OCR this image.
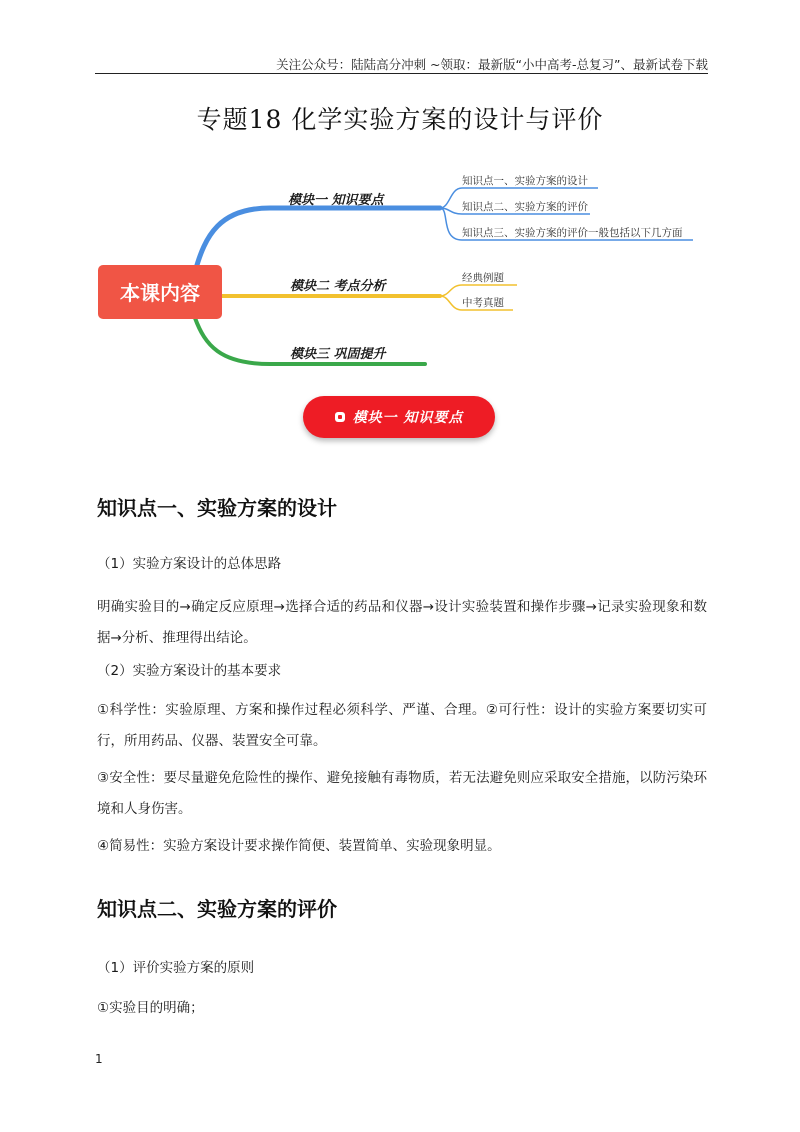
关注公众号：陆陆高分冲刺 ~领取：最新版“小中高考-总复习”、最新试卷下载
专题18 化学实验方案的设计与评价
本课内容
模块一 知识要点
模块二 考点分析
模块三 巩固提升
知识点一、实验方案的设计
知识点二、实验方案的评价
知识点三、实验方案的评价一般包括以下几方面
经典例题
中考真题
模块一 知识要点
知识点一、实验方案的设计
（1）实验方案设计的总体思路
明确实验目的→确定反应原理→选择合适的药品和仪器→设计实验装置和操作步骤→记录实验现象和数据→分析、推理得出结论。
（2）实验方案设计的基本要求
①科学性：实验原理、方案和操作过程必须科学、严谨、合理。②可行性：设计的实验方案要切实可行，所用药品、仪器、装置安全可靠。
③安全性：要尽量避免危险性的操作、避免接触有毒物质，若无法避免则应采取安全措施，以防污染环境和人身伤害。
④简易性：实验方案设计要求操作简便、装置简单、实验现象明显。
知识点二、实验方案的评价
（1）评价实验方案的原则
①实验目的明确；
1
